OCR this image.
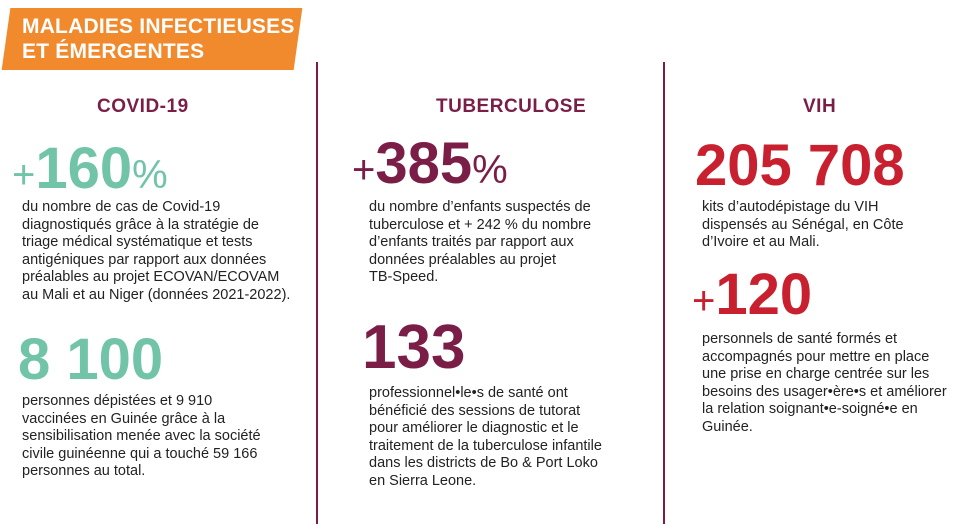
MALADIES INFECTIEUSES
ET ÉMERGENTES
COVID-19
+160%
du nombre de cas de Covid-19
diagnostiqués grâce à la stratégie de
triage médical systématique et tests
antigéniques par rapport aux données
préalables au projet ECOVAN/ECOVAM
au Mali et au Niger (données 2021-2022).
8 100
personnes dépistées et 9 910
vaccinées en Guinée grâce à la
sensibilisation menée avec la société
civile guinéenne qui a touché 59 166
personnes au total.
TUBERCULOSE
+385%
du nombre d’enfants suspectés de
tuberculose et + 242 % du nombre
d’enfants traités par rapport aux
données préalables au projet
TB-Speed.
133
professionnel•le•s de santé ont
bénéficié des sessions de tutorat
pour améliorer le diagnostic et le
traitement de la tuberculose infantile
dans les districts de Bo & Port Loko
en Sierra Leone.
VIH
205 708
kits d’autodépistage du VIH
dispensés au Sénégal, en Côte
d’Ivoire et au Mali.
+120
personnels de santé formés et
accompagnés pour mettre en place
une prise en charge centrée sur les
besoins des usager•ère•s et améliorer
la relation soignant•e-soigné•e en
Guinée.
